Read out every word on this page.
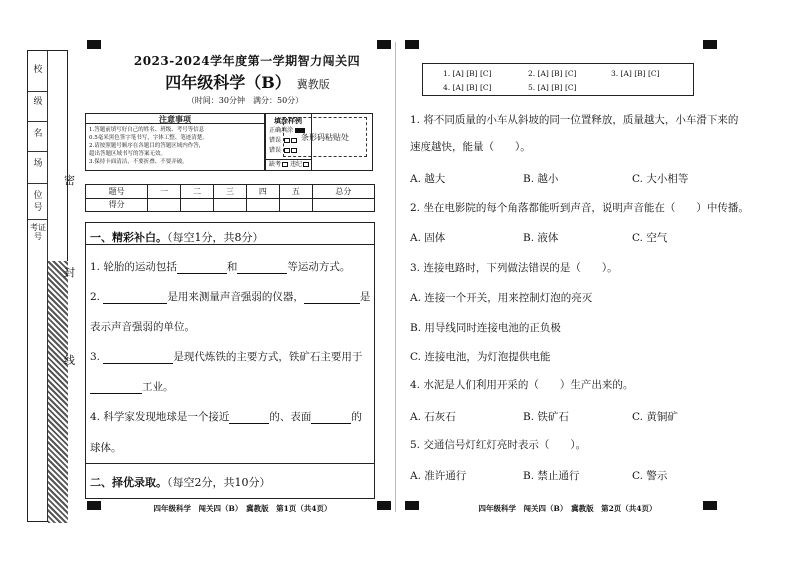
校
级
名
场
位
号
考证号
密
封
线
2023-2024学年度第一学期智力闯关四
四年级科学（B） 冀教版
（时间：30分钟　满分：50分）
注意事项
1.答题前填写好自己的姓名、班级、考号等信息
0.5毫米黑色签字笔书写，字体工整、笔迹清楚。
2.请按照题号顺序在各题目的答题区域内作答，
超出答题区域书写的答案无效。
3.保持卡面清洁，不要折叠、不要弄破。
填涂样例
正确填涂
错误
错误
缺考 违纪
条形码粘贴处
题号	一	二	三	四	五	总分
得分						
一、精彩补白。（每空1分，共8分）
1. 轮胎的运动包括	和	等运动方式。
2.	是用来测量声音强弱的仪器，	是
表示声音强弱的单位。
3.	是现代炼铁的主要方式，铁矿石主要用于
工业。
4. 科学家发现地球是一个接近	的、表面	的
球体。
二、择优录取。（每空2分，共10分）
四年级科学　闯关四（B）　冀教版　第1页（共4页）
1. [A] [B] [C]	2. [A] [B] [C]	3. [A] [B] [C]
4. [A] [B] [C]	5. [A] [B] [C]
1. 将不同质量的小车从斜坡的同一位置释放，质量越大，小车滑下来的
速度越快，能量（　　）。
A. 越大	B. 越小	C. 大小相等
2. 坐在电影院的每个角落都能听到声音，说明声音能在（　　）中传播。
A. 固体	B. 液体	C. 空气
3. 连接电路时，下列做法错误的是（　　）。
A. 连接一个开关，用来控制灯泡的亮灭
B. 用导线同时连接电池的正负极
C. 连接电池，为灯泡提供电能
4. 水泥是人们利用开采的（　　）生产出来的。
A. 石灰石	B. 铁矿石	C. 黄铜矿
5. 交通信号灯红灯亮时表示（　　）。
A. 准许通行	B. 禁止通行	C. 警示
四年级科学　闯关四（B）　冀教版　第2页（共4页）
